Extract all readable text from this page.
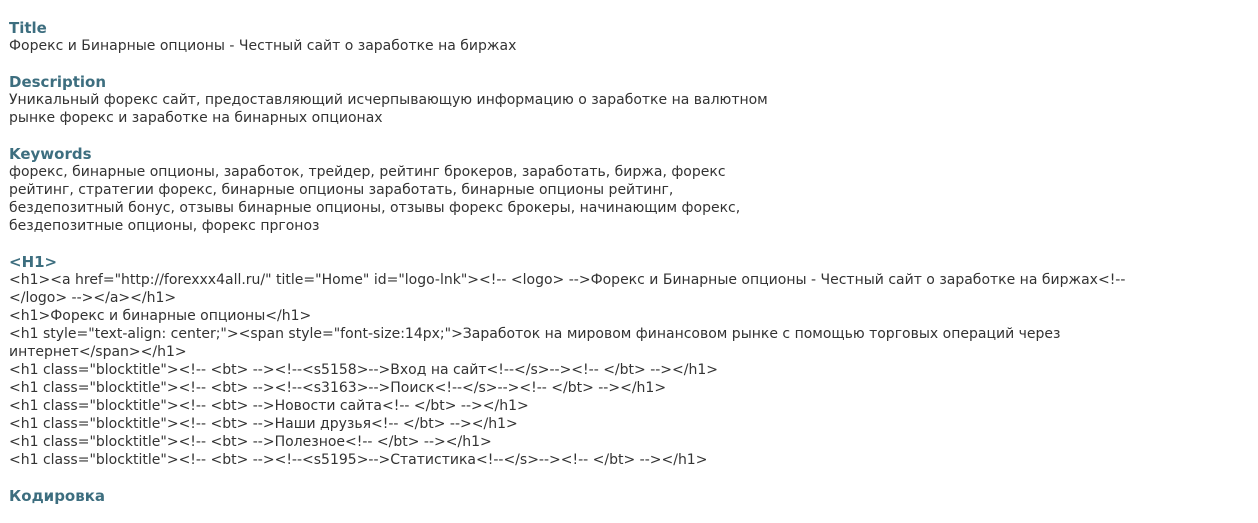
Title
Форекс и Бинарные опционы - Честный сайт о заработке на биржах
Description
Уникальный форекс сайт, предоставляющий исчерпывающую информацию о заработке на валютном
рынке форекс и заработке на бинарных опционах
Keywords
форекс, бинарные опционы, заработок, трейдер, рейтинг брокеров, заработать, биржа, форекс
рейтинг, стратегии форекс, бинарные опционы заработать, бинарные опционы рейтинг,
бездепозитный бонус, отзывы бинарные опционы, отзывы форекс брокеры, начинающим форекс,
бездепозитные опционы, форекс пргоноз
<H1>
<h1><a href="http://forexxx4all.ru/" title="Home" id="logo-lnk"><!-- <logo> -->Форекс и Бинарные опционы - Честный сайт о заработке на биржах<!--
</logo> --></a></h1>
<h1>Форекс и бинарные опционы</h1>
<h1 style="text-align: center;"><span style="font-size:14px;">Заработок на мировом финансовом рынке с помощью торговых операций через
интернет</span></h1>
<h1 class="blocktitle"><!-- <bt> --><!--<s5158>-->Вход на сайт<!--</s>--><!-- </bt> --></h1>
<h1 class="blocktitle"><!-- <bt> --><!--<s3163>-->Поиск<!--</s>--><!-- </bt> --></h1>
<h1 class="blocktitle"><!-- <bt> -->Новости сайта<!-- </bt> --></h1>
<h1 class="blocktitle"><!-- <bt> -->Наши друзья<!-- </bt> --></h1>
<h1 class="blocktitle"><!-- <bt> -->Полезное<!-- </bt> --></h1>
<h1 class="blocktitle"><!-- <bt> --><!--<s5195>-->Статистика<!--</s>--><!-- </bt> --></h1>
Кодировка
